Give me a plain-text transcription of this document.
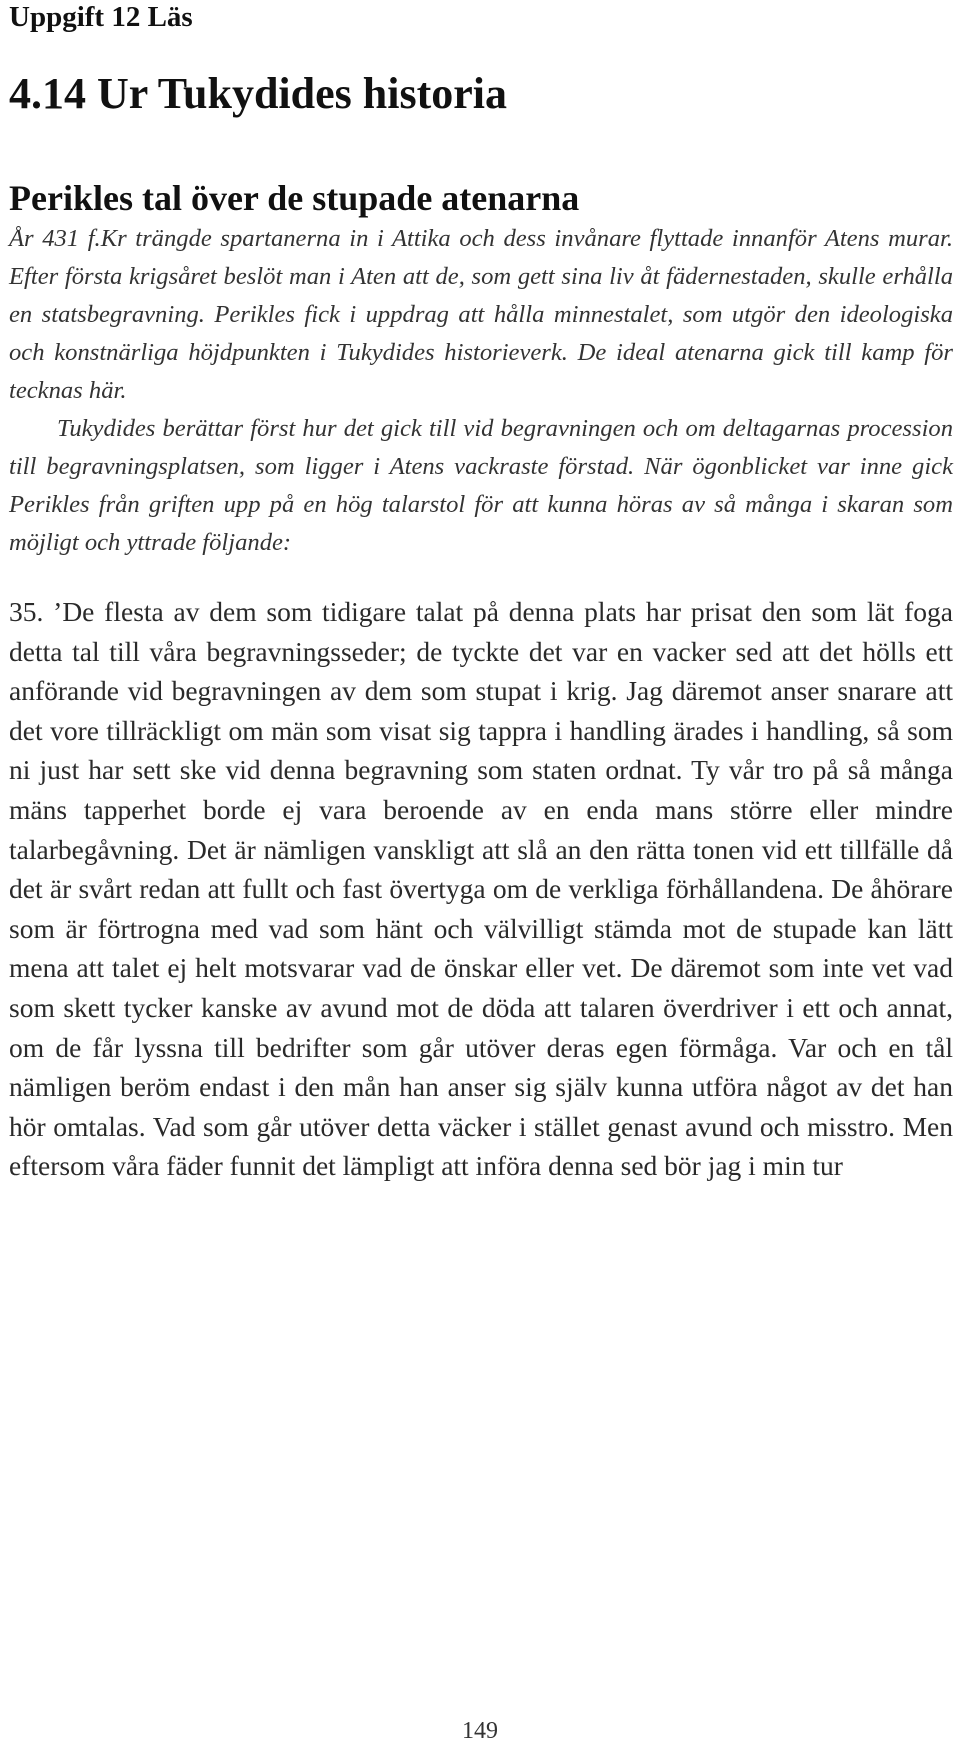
Uppgift 12 Läs
4.14 Ur Tukydides historia
Perikles tal över de stupade atenarna

År 431 f.Kr trängde spartanerna in i Attika och dess invånare flyttade innanför Atens murar. Efter första krigsåret beslöt man i Aten att de, som gett sina liv åt fädernestaden, skulle erhålla en statsbegravning. Perikles fick i uppdrag att hålla minnestalet, som utgör den ideologiska och konstnärliga höjdpunkten i Tukydides historieverk. De ideal atenarna gick till kamp för tecknas här.

Tukydides berättar först hur det gick till vid begravningen och om deltagarnas procession till begravningsplatsen, som ligger i Atens vackraste förstad. När ögonblicket var inne gick Perikles från griften upp på en hög talarstol för att kunna höras av så många i skaran som möjligt och yttrade följande:

35. ’De flesta av dem som tidigare talat på denna plats har prisat den som lät foga detta tal till våra begravningsseder; de tyckte det var en vacker sed att det hölls ett anförande vid begravningen av dem som stupat i krig. Jag däremot anser snarare att det vore tillräckligt om män som visat sig tappra i handling ärades i handling, så som ni just har sett ske vid denna begravning som staten ordnat. Ty vår tro på så många mäns tapperhet borde ej vara beroende av en enda mans större eller mindre talarbegåvning. Det är nämligen vanskligt att slå an den rätta tonen vid ett tillfälle då det är svårt redan att fullt och fast övertyga om de verkliga förhållandena. De åhörare som är förtrogna med vad som hänt och välvilligt stämda mot de stupade kan lätt mena att talet ej helt motsvarar vad de önskar eller vet. De däremot som inte vet vad som skett tycker kanske av avund mot de döda att talaren överdriver i ett och annat, om de får lyssna till bedrifter som går utöver deras egen förmåga. Var och en tål nämligen beröm endast i den mån han anser sig själv kunna utföra något av det han hör omtalas. Vad som går utöver detta väcker i stället genast avund och misstro. Men eftersom våra fäder funnit det lämpligt att införa denna sed bör jag i min tur

149
